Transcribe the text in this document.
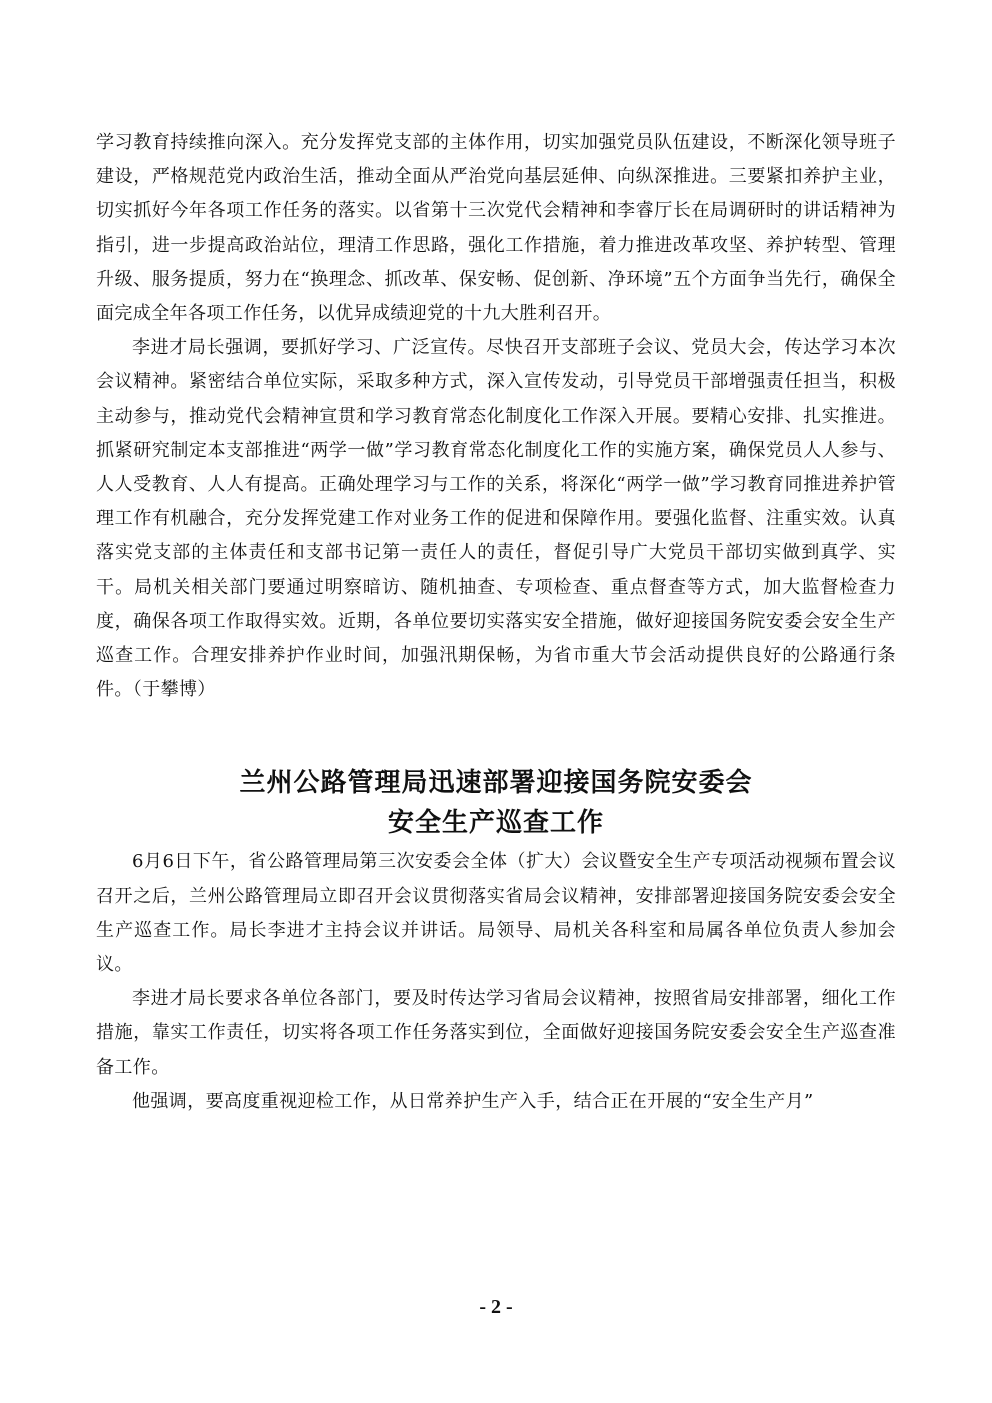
学习教育持续推向深入。充分发挥党支部的主体作用，切实加强党员队伍建设，不断深化领导班子建设，严格规范党内政治生活，推动全面从严治党向基层延伸、向纵深推进。三要紧扣养护主业，切实抓好今年各项工作任务的落实。以省第十三次党代会精神和李睿厅长在局调研时的讲话精神为指引，进一步提高政治站位，理清工作思路，强化工作措施，着力推进改革攻坚、养护转型、管理升级、服务提质，努力在“换理念、抓改革、保安畅、促创新、净环境”五个方面争当先行，确保全面完成全年各项工作任务，以优异成绩迎党的十九大胜利召开。

李进才局长强调，要抓好学习、广泛宣传。尽快召开支部班子会议、党员大会，传达学习本次会议精神。紧密结合单位实际，采取多种方式，深入宣传发动，引导党员干部增强责任担当，积极主动参与，推动党代会精神宣贯和学习教育常态化制度化工作深入开展。要精心安排、扎实推进。抓紧研究制定本支部推进“两学一做”学习教育常态化制度化工作的实施方案，确保党员人人参与、人人受教育、人人有提高。正确处理学习与工作的关系，将深化“两学一做”学习教育同推进养护管理工作有机融合，充分发挥党建工作对业务工作的促进和保障作用。要强化监督、注重实效。认真落实党支部的主体责任和支部书记第一责任人的责任，督促引导广大党员干部切实做到真学、实干。局机关相关部门要通过明察暗访、随机抽查、专项检查、重点督查等方式，加大监督检查力度，确保各项工作取得实效。近期，各单位要切实落实安全措施，做好迎接国务院安委会安全生产巡查工作。合理安排养护作业时间，加强汛期保畅，为省市重大节会活动提供良好的公路通行条件。（于攀博）

兰州公路管理局迅速部署迎接国务院安委会

安全生产巡查工作

6月6日下午，省公路管理局第三次安委会全体（扩大）会议暨安全生产专项活动视频布置会议召开之后，兰州公路管理局立即召开会议贯彻落实省局会议精神，安排部署迎接国务院安委会安全生产巡查工作。局长李进才主持会议并讲话。局领导、局机关各科室和局属各单位负责人参加会议。

李进才局长要求各单位各部门，要及时传达学习省局会议精神，按照省局安排部署，细化工作措施，靠实工作责任，切实将各项工作任务落实到位，全面做好迎接国务院安委会安全生产巡查准备工作。

他强调，要高度重视迎检工作，从日常养护生产入手，结合正在开展的“安全生产月”

- 2 -
